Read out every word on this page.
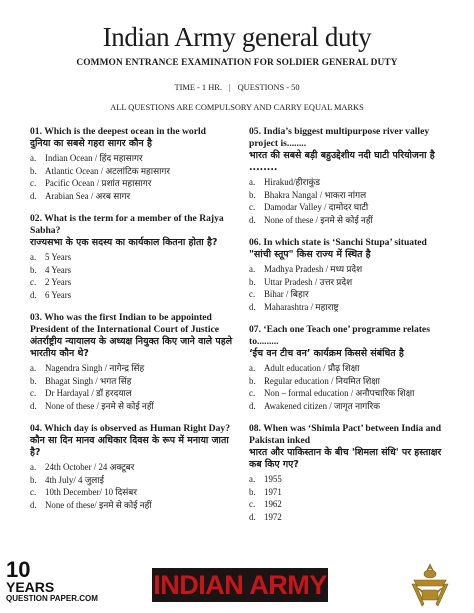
Indian Army general duty
COMMON ENTRANCE EXAMINATION FOR SOLDIER GENERAL DUTY
TIME - 1 HR. | QUESTIONS - 50
ALL QUESTIONS ARE COMPULSORY AND CARRY EQUAL MARKS
01. Which is the deepest ocean in the world
दुनिया का सबसे गहरा सागर कौन है
a. Indian Ocean / हिंद महासागर
b. Atlantic Ocean / अटलांटिक महासागर
c. Pacific Ocean / प्रशांत महासागर
d. Arabian Sea / अरब सागर
02. What is the term for a member of the Rajya Sabha?
राज्यसभा के एक सदस्य का कार्यकाल कितना होता है?
a. 5 Years
b. 4 Years
c. 2 Years
d. 6 Years
03. Who was the first Indian to be appointed President of the International Court of Justice
अंतर्राष्ट्रीय न्यायालय के अध्यक्ष नियुक्त किए जाने वाले पहले भारतीय कौन थे?
a. Nagendra Singh / नागेन्द्र सिंह
b. Bhagat Singh / भगत सिंह
c. Dr Hardayal / डॉ हरदयाल
d. None of these / इनमे से कोई नहीं
04. Which day is observed as Human Right Day?
कौन सा दिन मानव अधिकार दिवस के रूप में मनाया जाता है?
a. 24th October / 24 अक्टूबर
b. 4th July/ 4 जुलाई
c. 10th December/ 10 दिसंबर
d. None of these/ इनमे से कोई नहीं
05. India’s biggest multipurpose river valley project is........
भारत की सबसे बड़ी बहुउद्देशीय नदी घाटी परियोजना है ........
a. Hirakud/हीराकुंड
b. Bhakra Nangal / भाकरा नांगल
c. Damodar Valley / दामोदर घाटी
d. None of these / इनमे से कोई नहीं
06. In which state is ‘Sanchi Stupa’ situated
"सांची स्तूप" किस राज्य में स्थित है
a. Madhya Pradesh / मध्य प्रदेश
b. Uttar Pradesh / उत्तर प्रदेश
c. Bihar / बिहार
d. Maharashtra / महाराष्ट्र
07. ‘Each one Teach one’ programme relates to.........
‘ईच वन टीच वन’ कार्यक्रम किससे संबंधित है
a. Adult education / प्रौढ़ शिक्षा
b. Regular education / नियमित शिक्षा
c. Non – formal education / अनौपचारिक शिक्षा
d. Awakened citizen / जागृत नागरिक
08. When was ‘Shimla Pact’ between India and Pakistan inked
भारत और पाकिस्तान के बीच 'शिमला संधि' पर हस्ताक्षर कब किए गए?
a. 1955
b. 1971
c. 1962
d. 1972
10
YEARS
QUESTION PAPER.COM INDIAN ARMY
